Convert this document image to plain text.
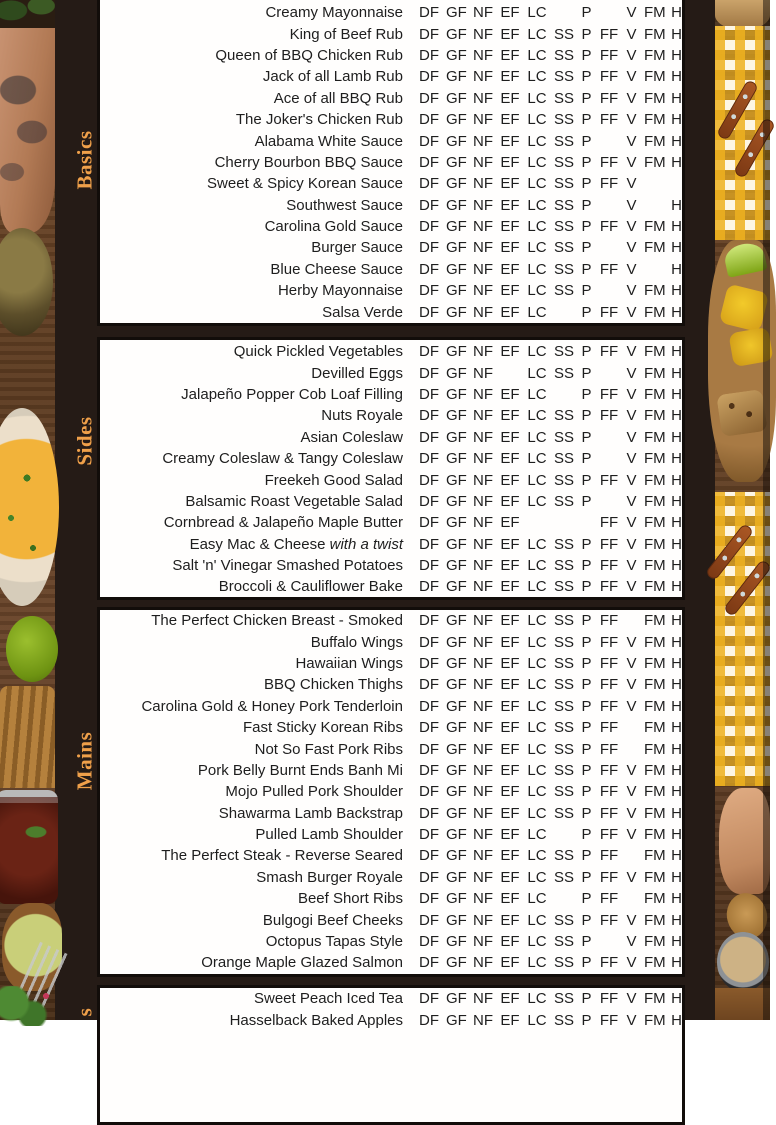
Basics
Sides
Mains
s
Creamy Mayonnaise DF GF NF EF LC P V FM H
King of Beef Rub DF GF NF EF LC SS P FF V FM H
Queen of BBQ Chicken Rub DF GF NF EF LC SS P FF V FM H
Jack of all Lamb Rub DF GF NF EF LC SS P FF V FM H
Ace of all BBQ Rub DF GF NF EF LC SS P FF V FM H
The Joker's Chicken Rub DF GF NF EF LC SS P FF V FM H
Alabama White Sauce DF GF NF EF LC SS P V FM H
Cherry Bourbon BBQ Sauce DF GF NF EF LC SS P FF V FM H
Sweet & Spicy Korean Sauce DF GF NF EF LC SS P FF V
Southwest Sauce DF GF NF EF LC SS P V H
Carolina Gold Sauce DF GF NF EF LC SS P FF V FM H
Burger Sauce DF GF NF EF LC SS P V FM H
Blue Cheese Sauce DF GF NF EF LC SS P FF V H
Herby Mayonnaise DF GF NF EF LC SS P V FM H
Salsa Verde DF GF NF EF LC P FF V FM H
Quick Pickled Vegetables DF GF NF EF LC SS P FF V FM H
Devilled Eggs DF GF NF LC SS P V FM H
Jalapeño Popper Cob Loaf Filling DF GF NF EF LC P FF V FM H
Nuts Royale DF GF NF EF LC SS P FF V FM H
Asian Coleslaw DF GF NF EF LC SS P V FM H
Creamy Coleslaw & Tangy Coleslaw DF GF NF EF LC SS P V FM H
Freekeh Good Salad DF GF NF EF LC SS P FF V FM H
Balsamic Roast Vegetable Salad DF GF NF EF LC SS P V FM H
Cornbread & Jalapeño Maple Butter DF GF NF EF	FF V FM H
Easy Mac & Cheese with a twist DF GF NF EF LC SS P FF V FM H
Salt 'n' Vinegar Smashed Potatoes DF GF NF EF LC SS P FF V FM H
Broccoli & Cauliflower Bake DF GF NF EF LC SS P FF V FM H
The Perfect Chicken Breast - Smoked DF GF NF EF LC SS P FF FM H
Buffalo Wings DF GF NF EF LC SS P FF V FM H
Hawaiian Wings DF GF NF EF LC SS P FF V FM H
BBQ Chicken Thighs DF GF NF EF LC SS P FF V FM H
Carolina Gold & Honey Pork Tenderloin DF GF NF EF LC SS P FF V FM H
Fast Sticky Korean Ribs DF GF NF EF LC SS P FF FM H
Not So Fast Pork Ribs DF GF NF EF LC SS P FF FM H
Pork Belly Burnt Ends Banh Mi DF GF NF EF LC SS P FF V FM H
Mojo Pulled Pork Shoulder DF GF NF EF LC SS P FF V FM H
Shawarma Lamb Backstrap DF GF NF EF LC SS P FF V FM H
Pulled Lamb Shoulder DF GF NF EF LC P FF V FM H
The Perfect Steak - Reverse Seared DF GF NF EF LC SS P FF FM H
Smash Burger Royale DF GF NF EF LC SS P FF V FM H
Beef Short Ribs DF GF NF EF LC P FF FM H
Bulgogi Beef Cheeks DF GF NF EF LC SS P FF V FM H
Octopus Tapas Style DF GF NF EF LC SS P V FM H
Orange Maple Glazed Salmon DF GF NF EF LC SS P FF V FM H
Sweet Peach Iced Tea DF GF NF EF LC SS P FF V FM H
Hasselback Baked Apples DF GF NF EF LC SS P FF V FM H
